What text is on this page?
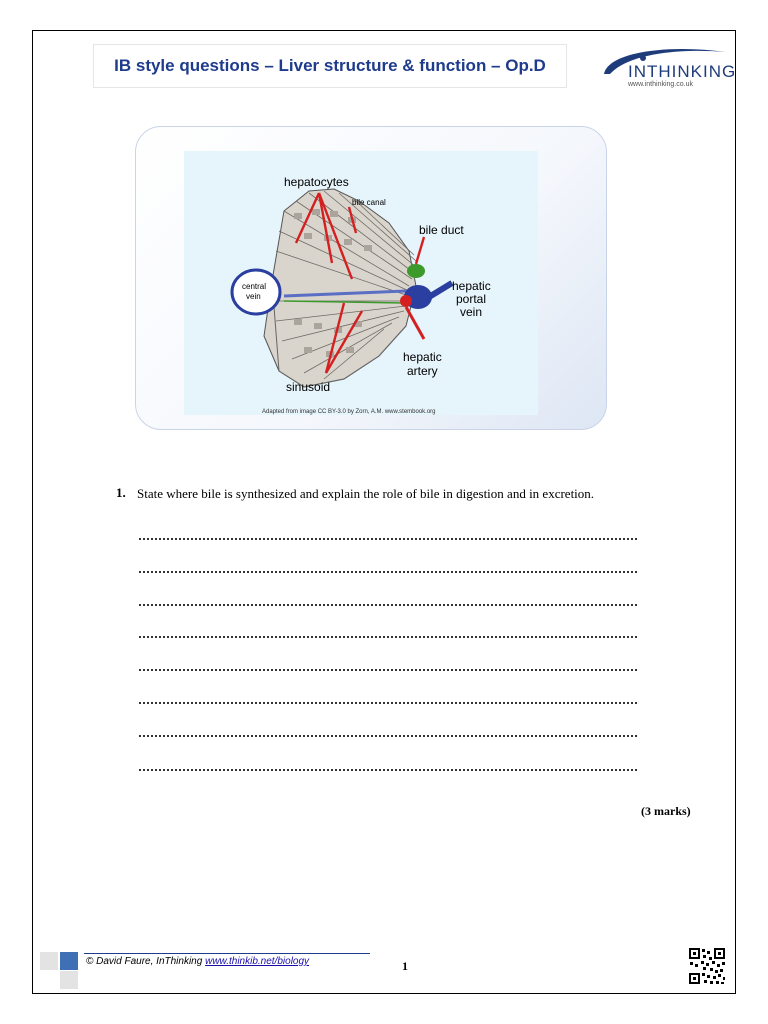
IB style questions – Liver structure & function – Op.D	INTHINKING
www.inthinking.co.uk
hepatocytes
bile canal
bile duct
central
vein
hepatic
portal
vein
hepatic
artery
sinusoid
Adapted from image CC BY-3.0 by Zorn, A.M. www.stembook.org
1. State where bile is synthesized and explain the role of bile in digestion and in excretion.
(3 marks)
© David Faure, InThinking www.thinkib.net/biology	1
